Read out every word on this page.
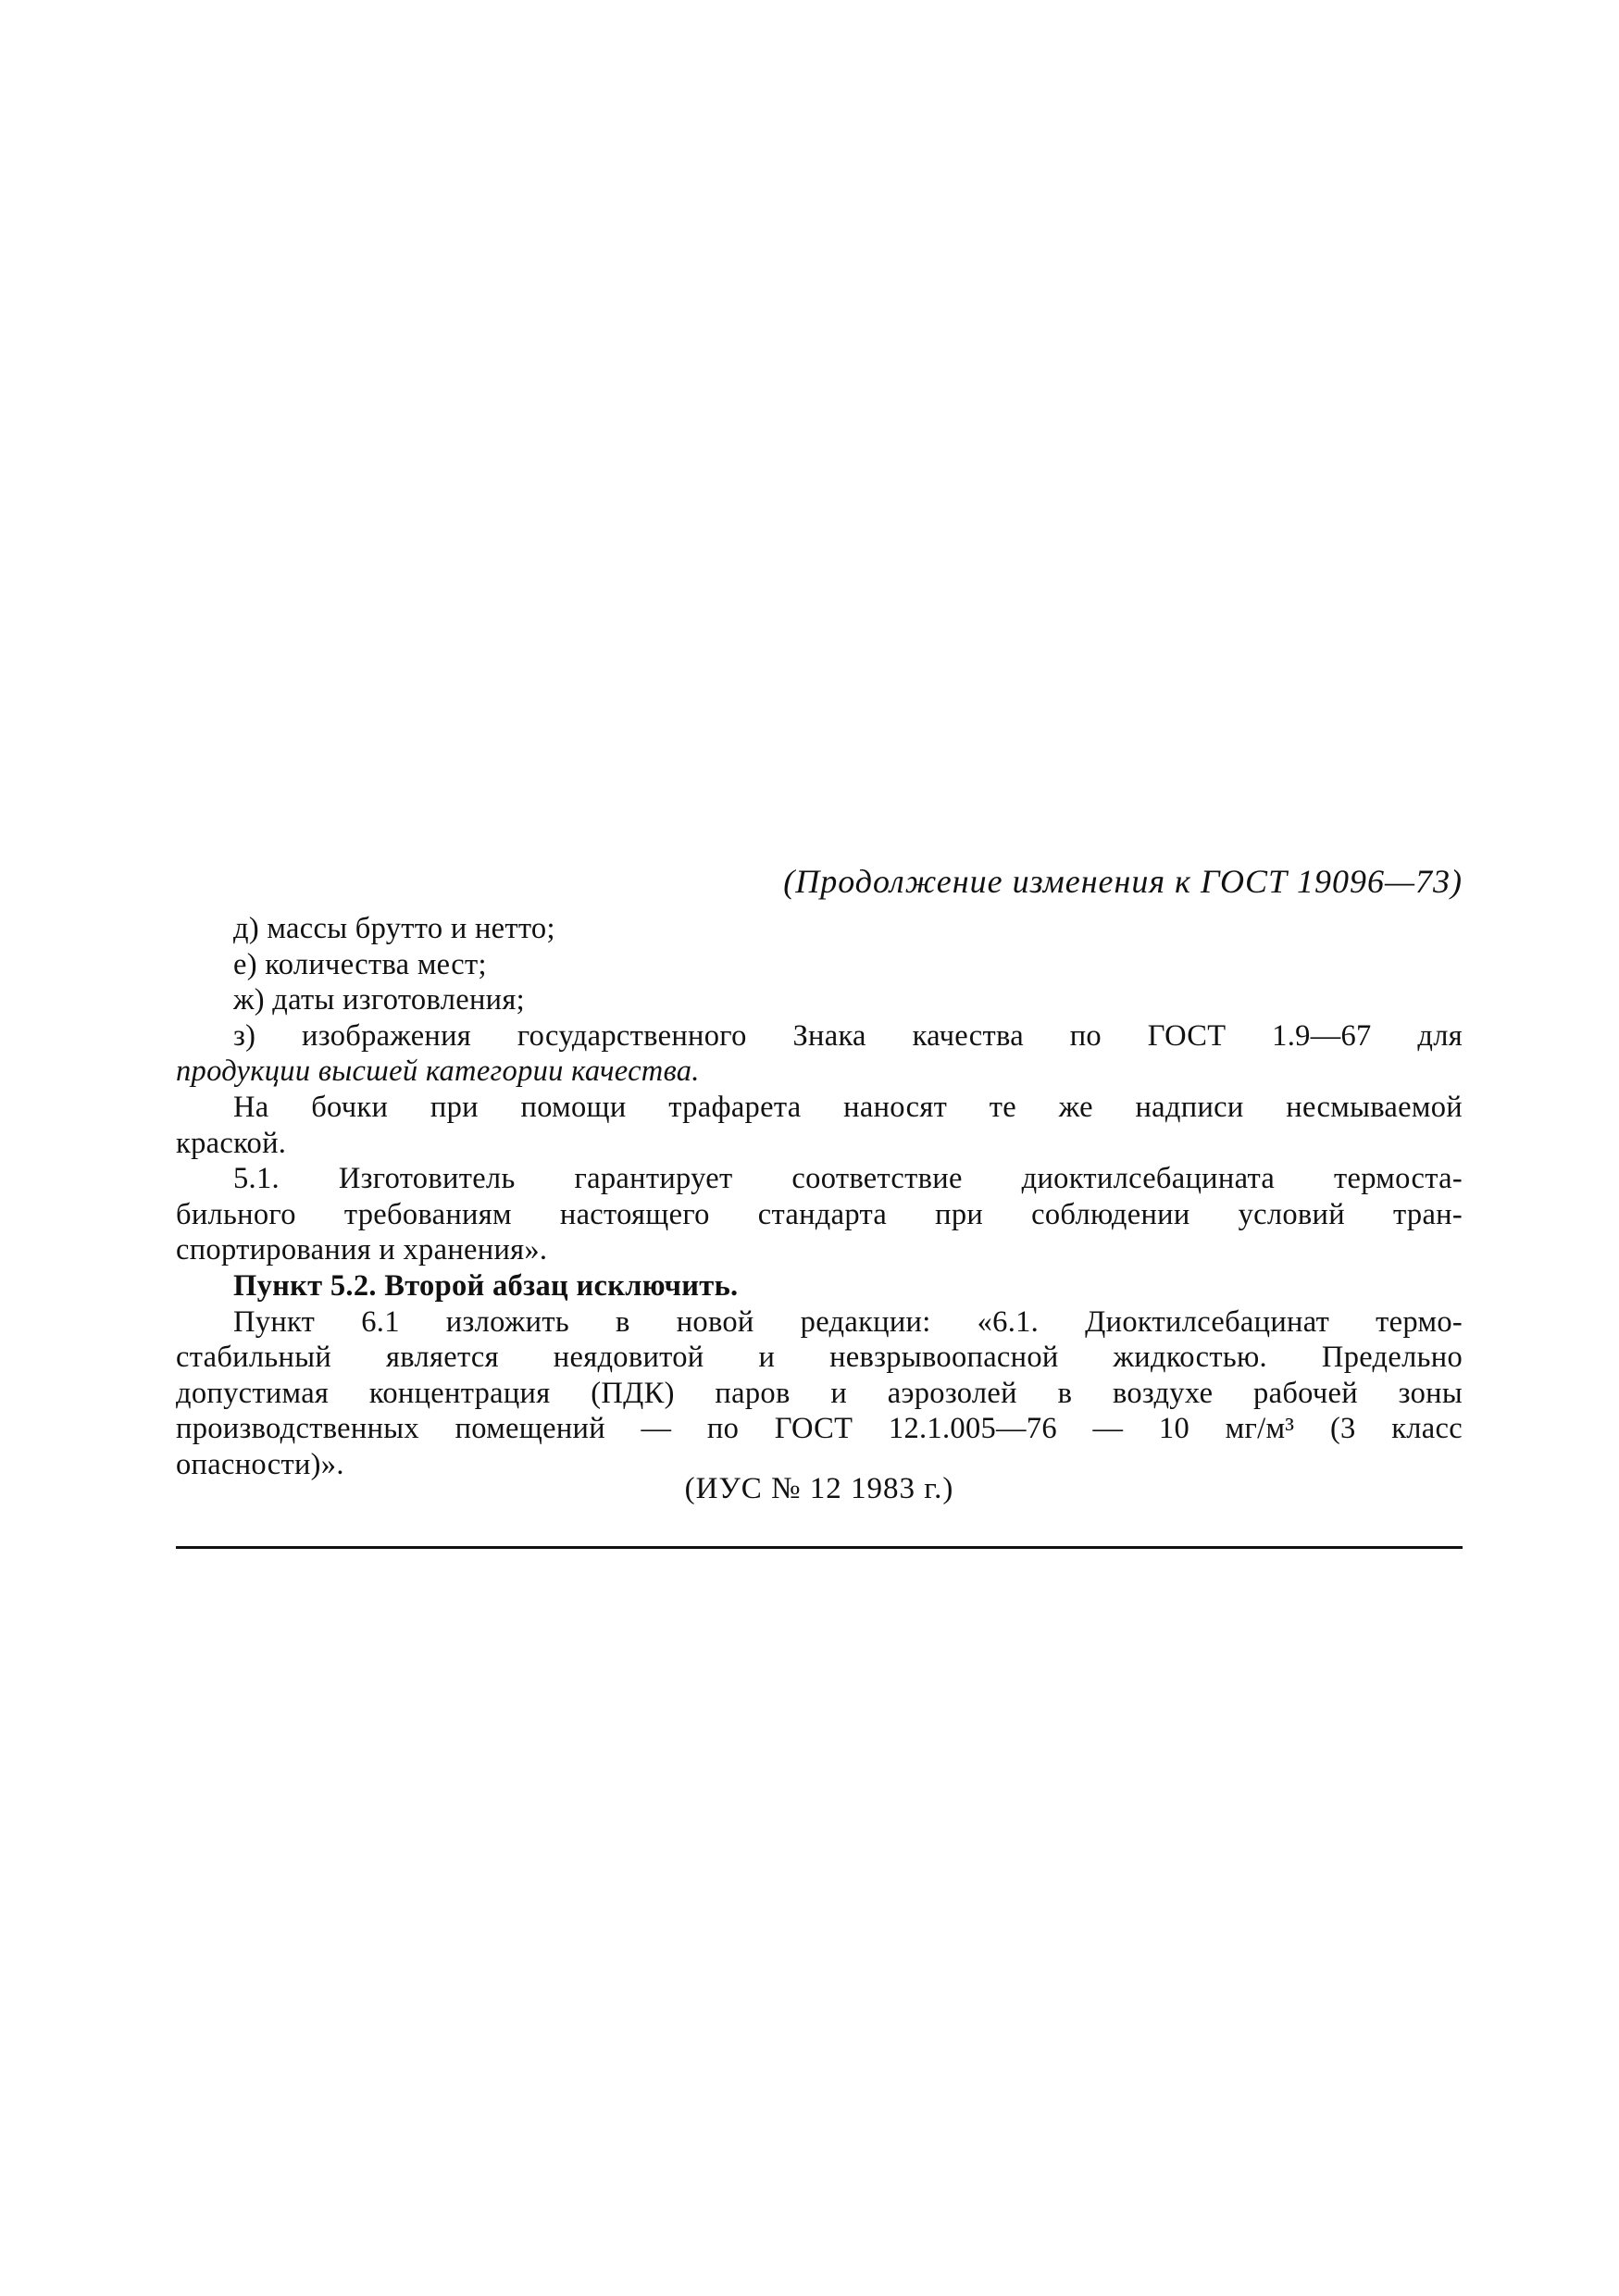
(Продолжение изменения к ГОСТ 19096—73)
д) массы брутто и нетто;
е) количества мест;
ж) даты изготовления;
з) изображения государственного Знака качества по ГОСТ 1.9—67 для
продукции высшей категории качества.
На бочки при помощи трафарета наносят те же надписи несмываемой
краской.
5.1. Изготовитель гарантирует соответствие диоктилсебацината термоста-
бильного требованиям настоящего стандарта при соблюдении условий тран-
спортирования и хранения».
Пункт 5.2. Второй абзац исключить.
Пункт 6.1 изложить в новой редакции: «6.1. Диоктилсебацинат термо-
стабильный является неядовитой и невзрывоопасной жидкостью. Предельно
допустимая концентрация (ПДК) паров и аэрозолей в воздухе рабочей зоны
производственных помещений — по ГОСТ 12.1.005—76 — 10 мг/м³ (3 класс
опасности)».
(ИУС № 12 1983 г.)
